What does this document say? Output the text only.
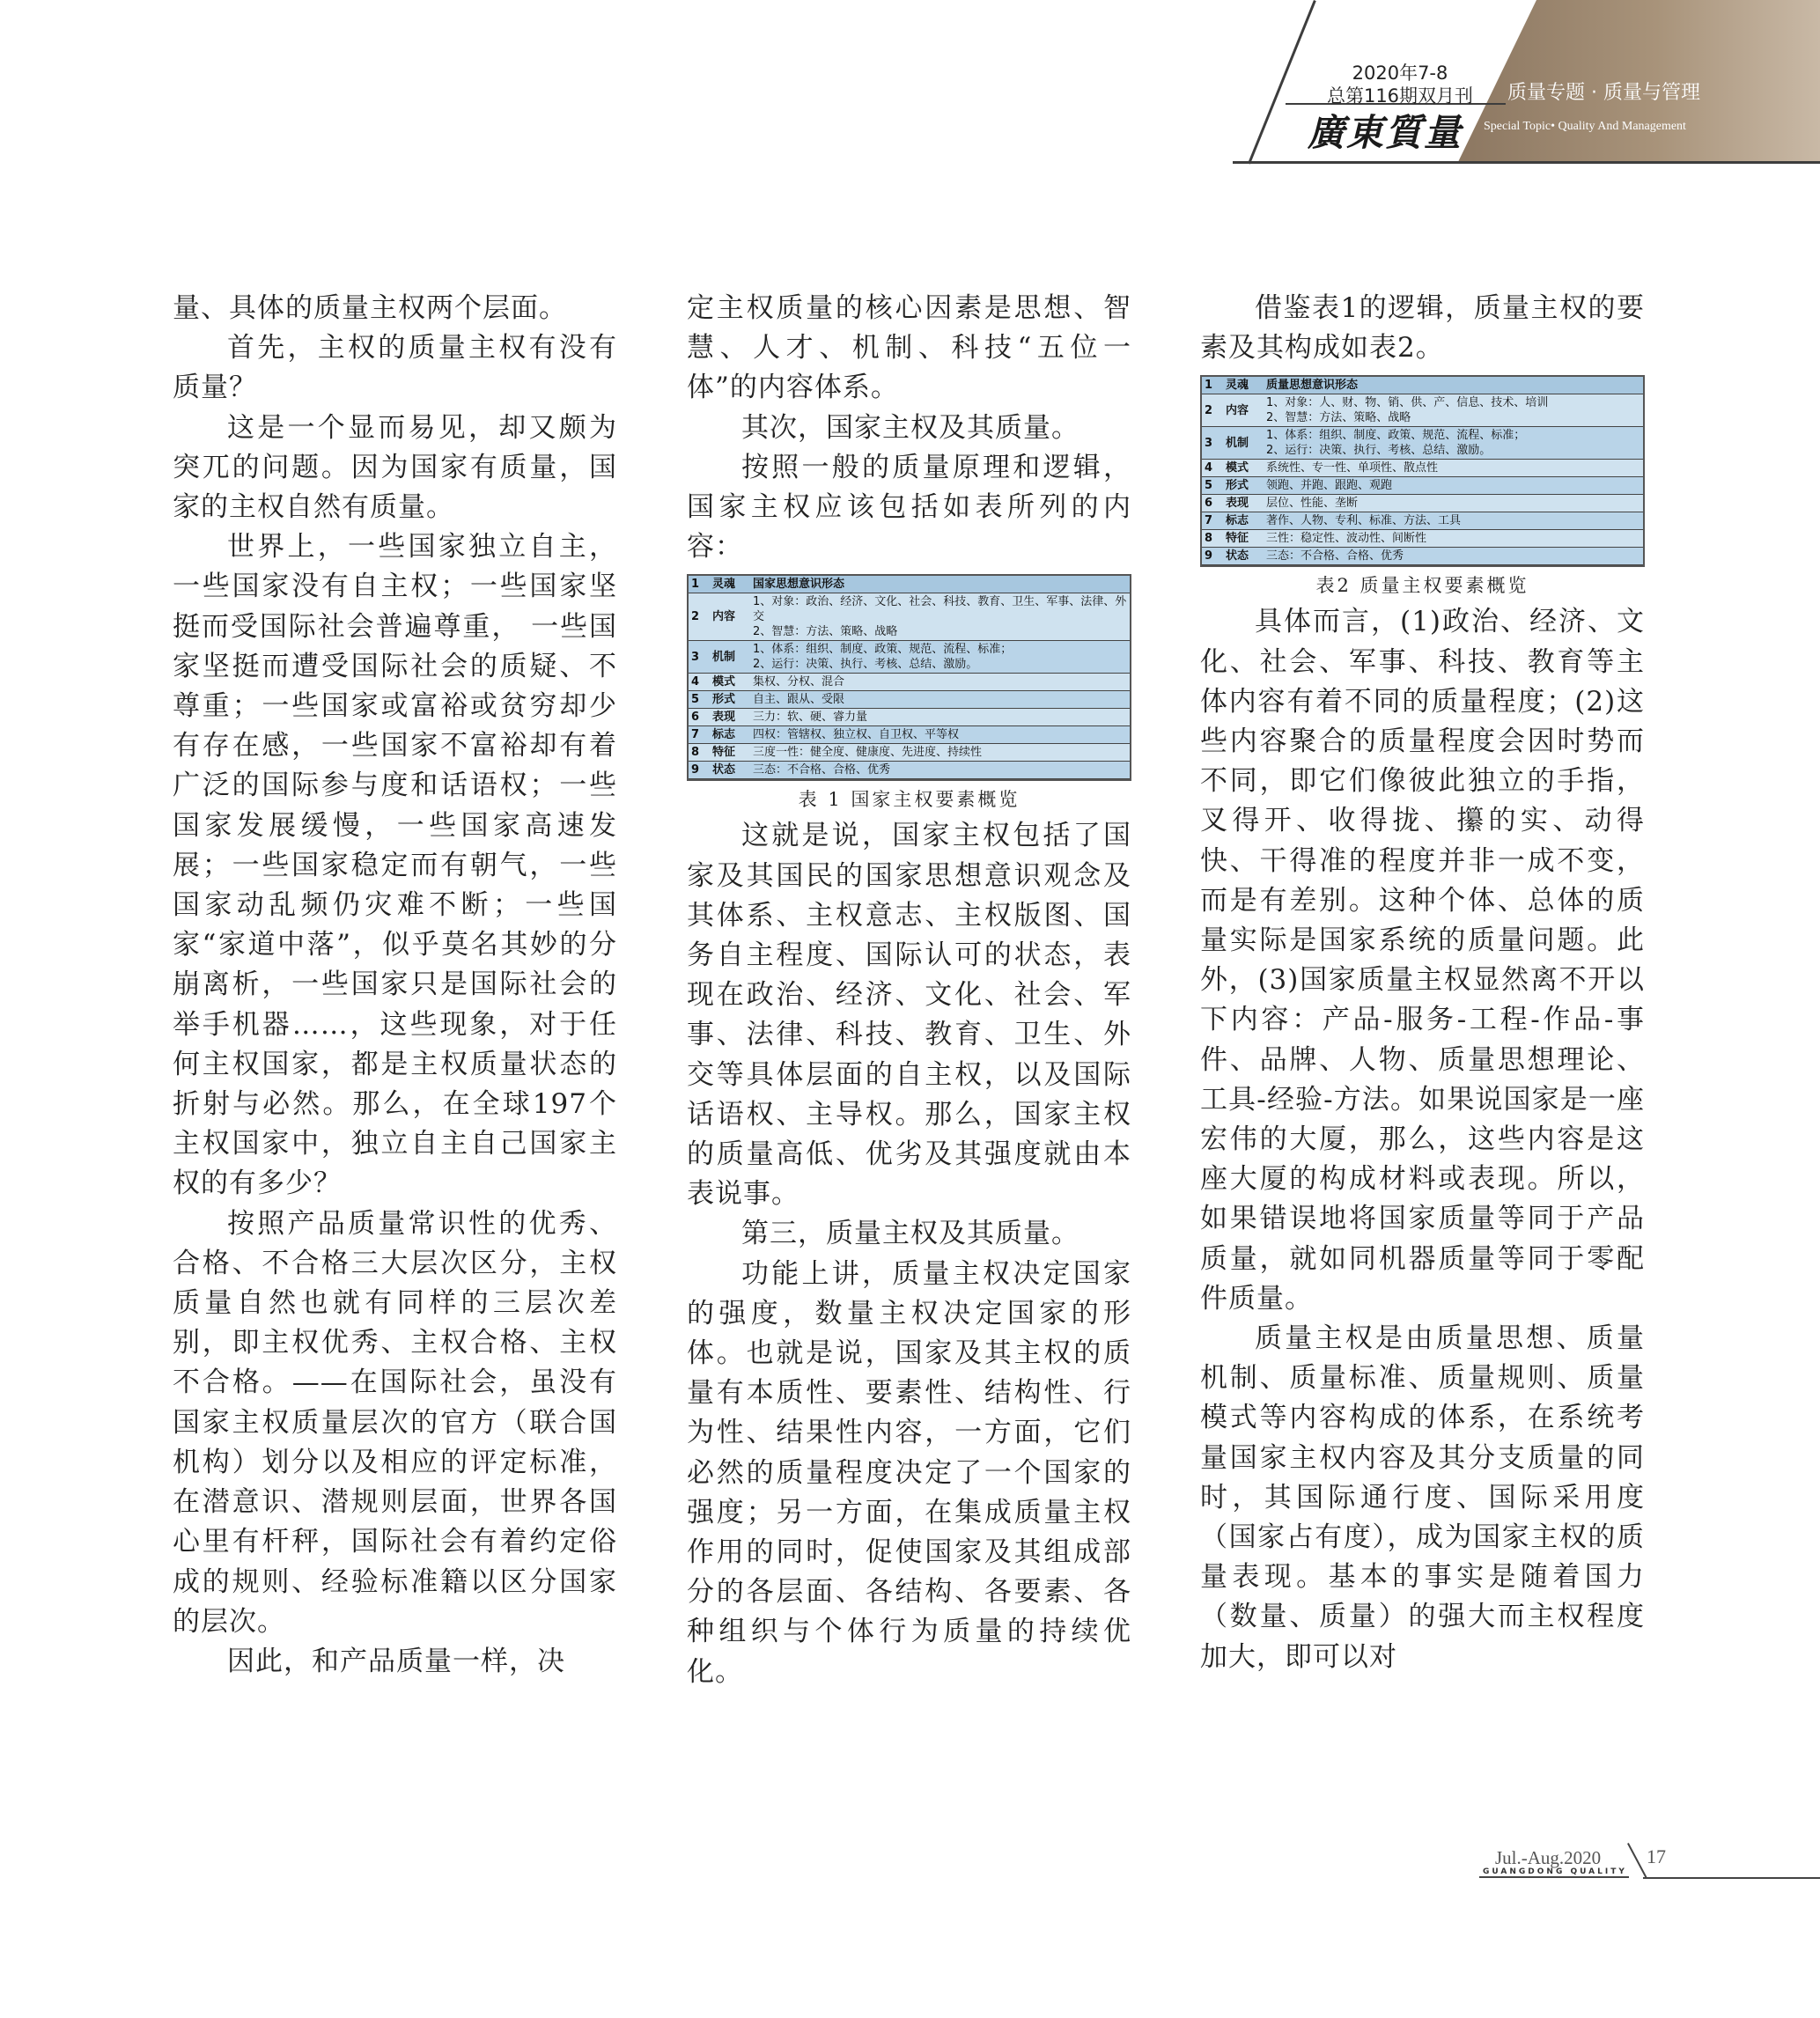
2020年7-8
总第116期双月刊
廣東質量
质量专题 · 质量与管理
Special Topic• Quality And Management

量、具体的质量主权两个层面。

首先，主权的质量主权有没有质量？

这是一个显而易见，却又颇为突兀的问题。因为国家有质量，国家的主权自然有质量。

世界上，一些国家独立自主，一些国家没有自主权；一些国家坚挺而受国际社会普遍尊重， 一些国家坚挺而遭受国际社会的质疑、不尊重；一些国家或富裕或贫穷却少有存在感，一些国家不富裕却有着广泛的国际参与度和话语权；一些国家发展缓慢，一些国家高速发展；一些国家稳定而有朝气，一些国家动乱频仍灾难不断；一些国家“家道中落”，似乎莫名其妙的分崩离析，一些国家只是国际社会的举手机器……，这些现象，对于任何主权国家，都是主权质量状态的折射与必然。那么，在全球197个主权国家中，独立自主自己国家主权的有多少？

按照产品质量常识性的优秀、合格、不合格三大层次区分，主权质量自然也就有同样的三层次差别，即主权优秀、主权合格、主权不合格。——在国际社会，虽没有国家主权质量层次的官方（联合国机构）划分以及相应的评定标准，在潜意识、潜规则层面，世界各国心里有杆秤，国际社会有着约定俗成的规则、经验标准籍以区分国家的层次。

因此，和产品质量一样，决

定主权质量的核心因素是思想、智慧、人才、机制、科技“五位一体”的内容体系。

其次，国家主权及其质量。

按照一般的质量原理和逻辑，国家主权应该包括如表所列的内容：

1	灵魂	国家思想意识形态
2	内容	1、对象：政治、经济、文化、社会、科技、教育、卫生、军事、法律、外交
2、智慧：方法、策略、战略
3	机制	1、体系：组织、制度、政策、规范、流程、标准；
2、运行：决策、执行、考核、总结、激励。
4	模式	集权、分权、混合
5	形式	自主、跟从、受限
6	表现	三力：软、硬、睿力量
7	标志	四权：管辖权、独立权、自卫权、平等权
8	特征	三度一性：健全度、健康度、先进度、持续性
9	状态	三态：不合格、合格、优秀
表 1 国家主权要素概览

这就是说，国家主权包括了国家及其国民的国家思想意识观念及其体系、主权意志、主权版图、国务自主程度、国际认可的状态，表现在政治、经济、文化、社会、军事、法律、科技、教育、卫生、外交等具体层面的自主权，以及国际话语权、主导权。那么，国家主权的质量高低、优劣及其强度就由本表说事。

第三，质量主权及其质量。

功能上讲，质量主权决定国家的强度，数量主权决定国家的形体。也就是说，国家及其主权的质量有本质性、要素性、结构性、行为性、结果性内容，一方面，它们必然的质量程度决定了一个国家的强度；另一方面，在集成质量主权作用的同时，促使国家及其组成部分的各层面、各结构、各要素、各种组织与个体行为质量的持续优化。

借鉴表1的逻辑，质量主权的要素及其构成如表2。

1	灵魂	质量思想意识形态
2	内容	1、对象：人、财、物、销、供、产、信息、技术、培训
2、智慧：方法、策略、战略
3	机制	1、体系：组织、制度、政策、规范、流程、标准；
2、运行：决策、执行、考核、总结、激励。
4	模式	系统性、专一性、单项性、散点性
5	形式	领跑、并跑、跟跑、观跑
6	表现	层位、性能、垄断
7	标志	著作、人物、专利、标准、方法、工具
8	特征	三性：稳定性、波动性、间断性
9	状态	三态：不合格、合格、优秀
表2 质量主权要素概览

具体而言，(1)政治、经济、文化、社会、军事、科技、教育等主体内容有着不同的质量程度；(2)这些内容聚合的质量程度会因时势而不同，即它们像彼此独立的手指，叉得开、收得拢、攥的实、动得快、干得准的程度并非一成不变，而是有差别。这种个体、总体的质量实际是国家系统的质量问题。此外，(3)国家质量主权显然离不开以下内容：产品-服务-工程-作品-事件、品牌、人物、质量思想理论、工具-经验-方法。如果说国家是一座宏伟的大厦，那么，这些内容是这座大厦的构成材料或表现。所以，如果错误地将国家质量等同于产品质量，就如同机器质量等同于零配件质量。

质量主权是由质量思想、质量机制、质量标准、质量规则、质量模式等内容构成的体系，在系统考量国家主权内容及其分支质量的同时，其国际通行度、国际采用度（国家占有度），成为国家主权的质量表现。基本的事实是随着国力（数量、质量）的强大而主权程度加大，即可以对

Jul.-Aug.2020
GUANGDONG QUALITY
17
